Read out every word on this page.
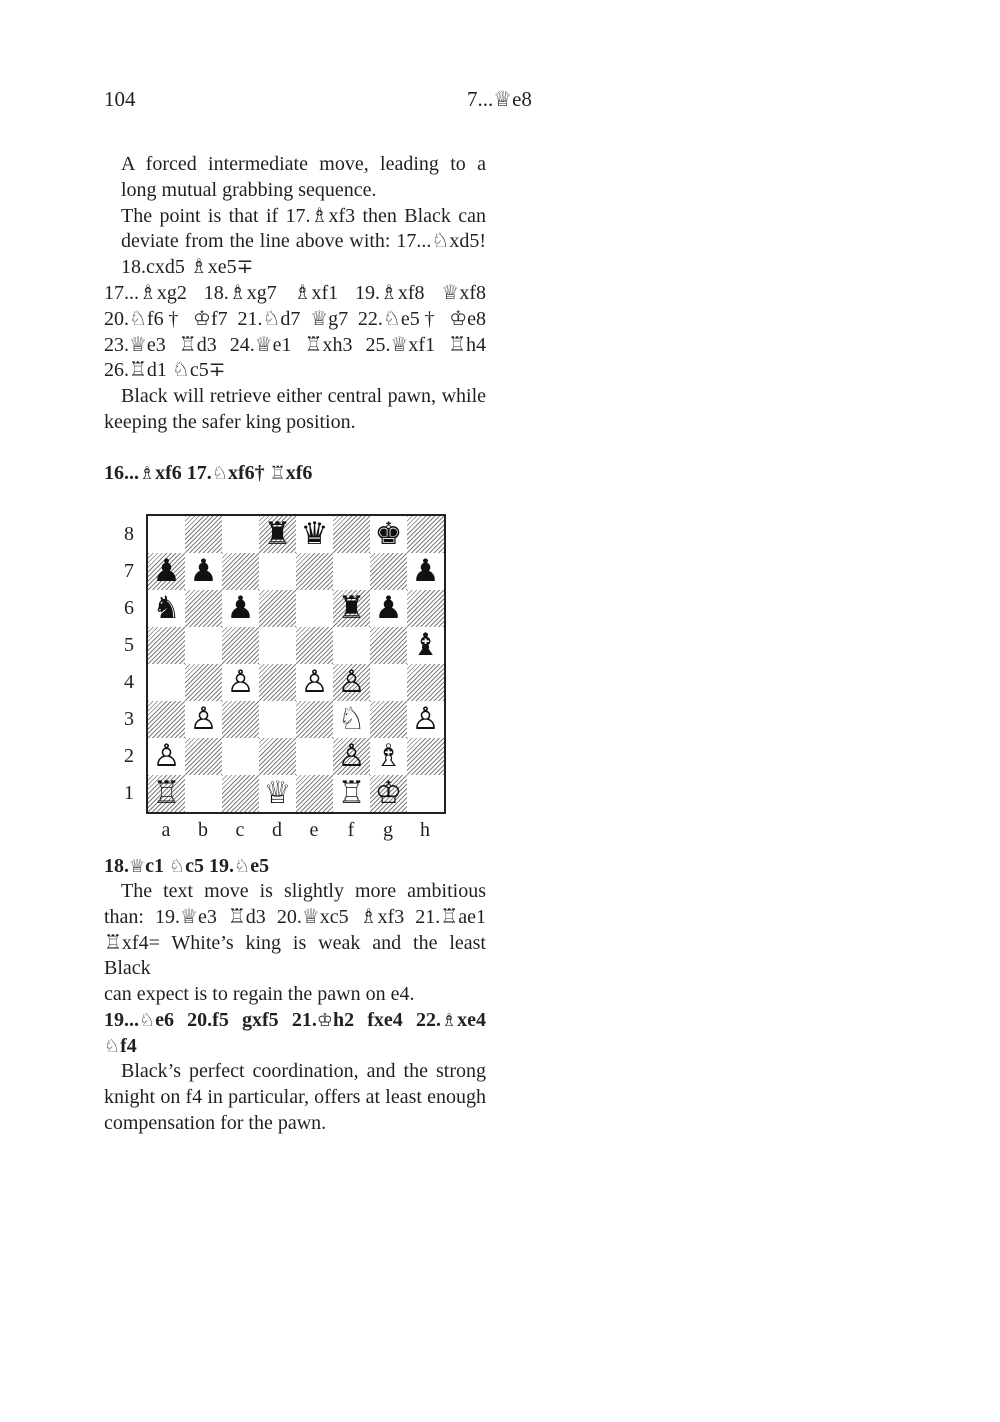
104	7...♕e8

A forced intermediate move, leading to a

long mutual grabbing sequence.

The point is that if 17.♗xf3 then Black can

deviate from the line above with: 17...♘xd5!

18.cxd5 ♗xe5∓

17...♗xg2 18.♗xg7 ♗xf1 19.♗xf8 ♕xf8

20.♘f6† ♔f7 21.♘d7 ♕g7 22.♘e5† ♔e8

23.♕e3 ♖d3 24.♕e1 ♖xh3 25.♕xf1 ♖h4

26.♖d1 ♘c5∓

Black will retrieve either central pawn, while

keeping the safer king position.

16...♗xf6 17.♘xf6† ♖xf6
♜ ♛ ♚
♟ ♟	♟
♞ ♟	♜ ♟
♝
♙ ♙ ♙
♙	♘ ♙
♙	♙ ♗
♖	♕ ♖ ♔
8
7
6
5
4
3
2
1
a b c d e	f	g h
18.♕c1 ♘c5 19.♘e5

The text move is slightly more ambitious

than: 19.♕e3 ♖d3 20.♕xc5 ♗xf3 21.♖ae1

♖xf4= White’s king is weak and the least Black

can expect is to regain the pawn on e4.

19...♘e6 20.f5 gxf5 21.♔h2 fxe4 22.♗xe4
♘f4

Black’s perfect coordination, and the strong

knight on f4 in particular, offers at least enough

compensation for the pawn.
